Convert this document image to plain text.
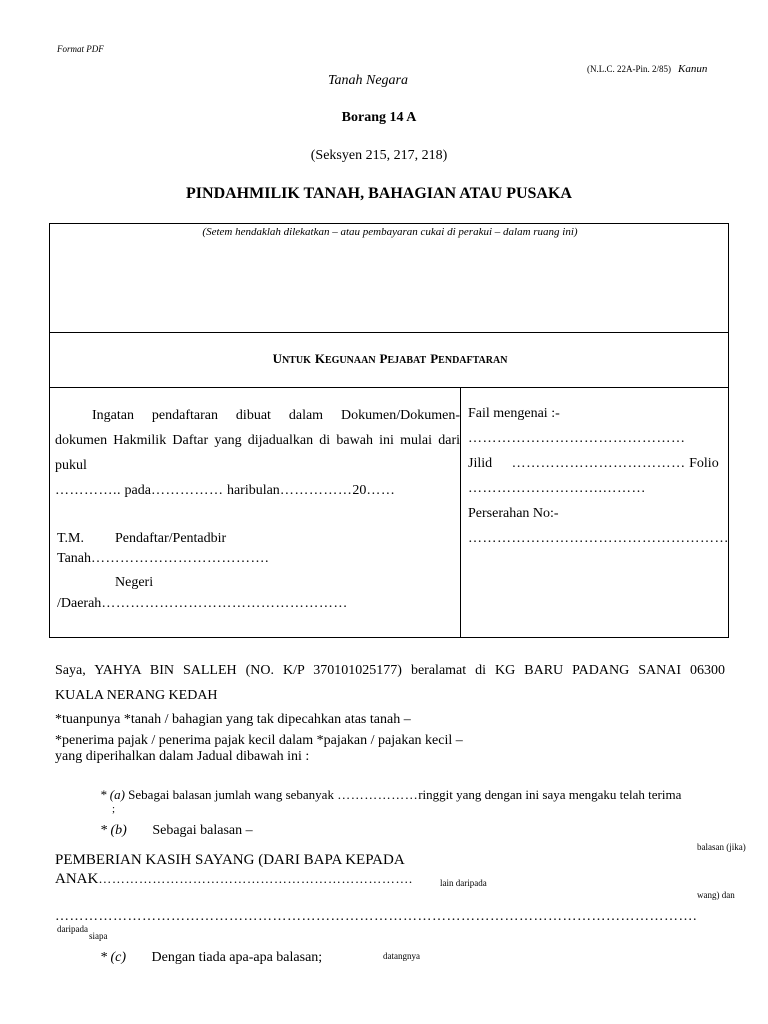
Format PDF
(N.L.C. 22A-Pin. 2/85) Kanun
Tanah Negara
Borang 14 A
(Seksyen 215, 217, 218)
PINDAHMILIK TANAH, BAHAGIAN ATAU PUSAKA
(Setem hendaklah dilekatkan – atau pembayaran cukai di perakui – dalam ruang ini)
UNTUK KEGUNAAN PEJABAT PENDAFTARAN
Ingatan pendaftaran dibuat dalam Dokumen/Dokumen-
dokumen Hakmilik Daftar yang dijadualkan di bawah ini mulai dari
pukul
………….. pada…………… haribulan……………20……
T.M. Pendaftar/Pentadbir
Tanah……………………………….
Negeri
/Daerah……………………………………………
Fail mengenai :-
………………………………………
Jilid ……………………………… Folio
……………………….………
Perserahan No:-
………………………………………………
Saya, YAHYA BIN SALLEH (NO. K/P 370101025177) beralamat di KG BARU PADANG SANAI 06300
KUALA NERANG KEDAH
*tuanpunya *tanah / bahagian yang tak dipecahkan atas tanah –
*penerima pajak / penerima pajak kecil dalam *pajakan / pajakan kecil –
yang diperihalkan dalam Jadual dibawah ini :
* (a) Sebagai balasan jumlah wang sebanyak ………………ringgit yang dengan ini saya mengaku telah terima
;
* (b) Sebagai balasan –
balasan (jika)
PEMBERIAN KASIH SAYANG (DARI BAPA KEPADA
ANAK…………………………………………………………….	lain daripada
wang) dan
…………………………………………………………………………………………………………………….
daripada
siapa
* (c) Dengan tiada apa-apa balasan;	datangnya
